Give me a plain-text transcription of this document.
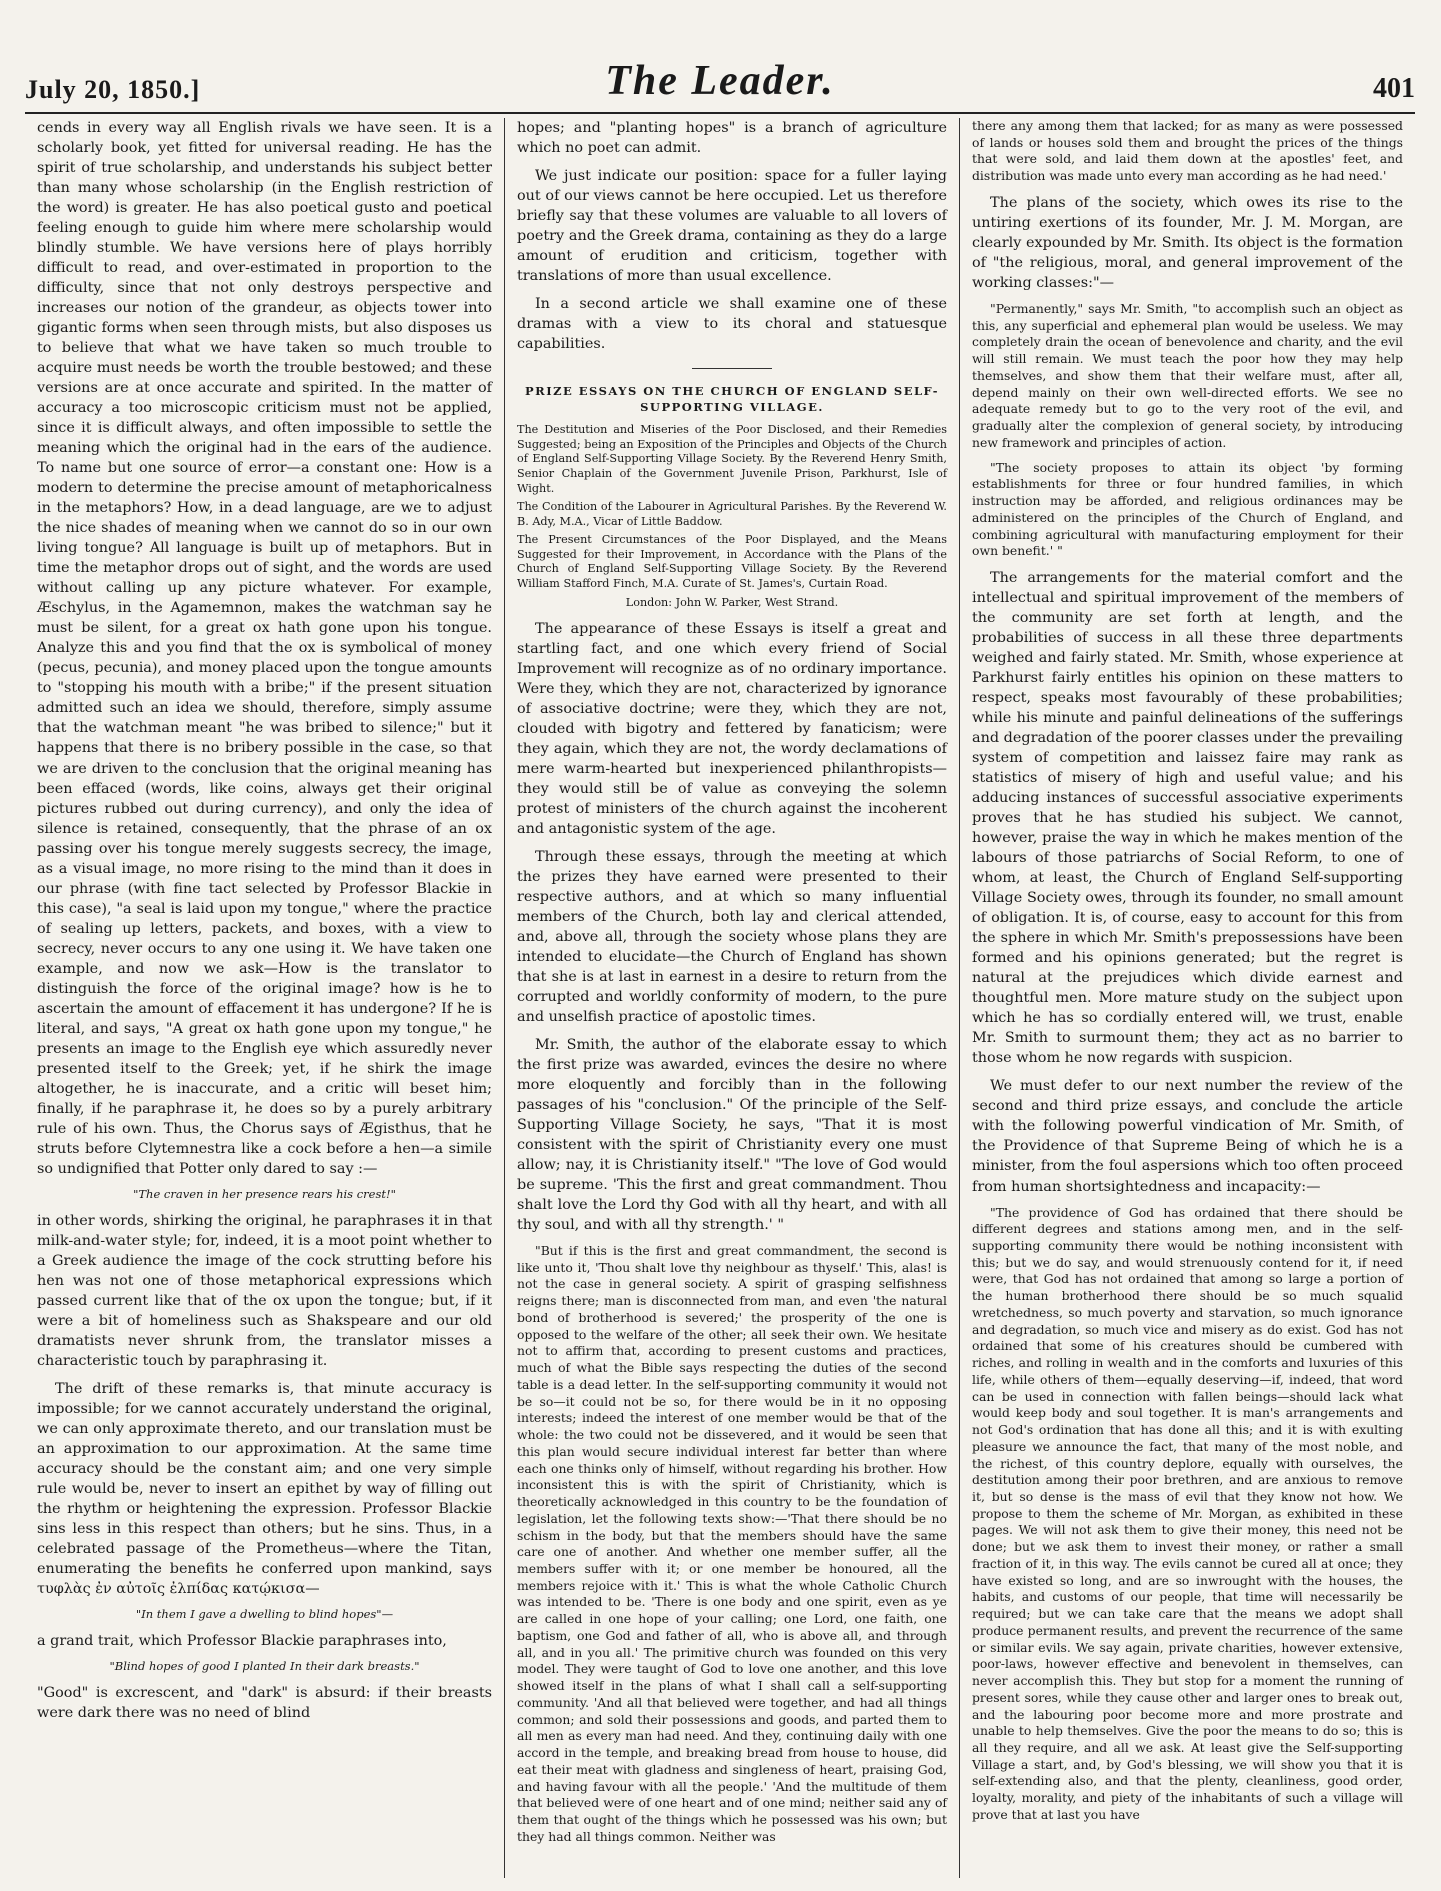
July 20, 1850.]	The Leader.	401

cends in every way all English rivals we have seen. It is a scholarly book, yet fitted for universal reading. He has the spirit of true scholarship, and understands his subject better than many whose scholarship (in the English restriction of the word) is greater. He has also poetical gusto and poetical feeling enough to guide him where mere scholarship would blindly stumble. We have versions here of plays horribly difficult to read, and over-estimated in proportion to the difficulty, since that not only destroys perspective and increases our notion of the grandeur, as objects tower into gigantic forms when seen through mists, but also disposes us to believe that what we have taken so much trouble to acquire must needs be worth the trouble bestowed; and these versions are at once accurate and spirited. In the matter of accuracy a too microscopic criticism must not be applied, since it is difficult always, and often impossible to settle the meaning which the original had in the ears of the audience. To name but one source of error—a constant one: How is a modern to determine the precise amount of metaphoricalness in the metaphors? How, in a dead language, are we to adjust the nice shades of meaning when we cannot do so in our own living tongue? All language is built up of metaphors. But in time the metaphor drops out of sight, and the words are used without calling up any picture whatever. For example, Æschylus, in the Agamemnon, makes the watchman say he must be silent, for a great ox hath gone upon his tongue. Analyze this and you find that the ox is symbolical of money (pecus, pecunia), and money placed upon the tongue amounts to "stopping his mouth with a bribe;" if the present situation admitted such an idea we should, therefore, simply assume that the watchman meant "he was bribed to silence;" but it happens that there is no bribery possible in the case, so that we are driven to the conclusion that the original meaning has been effaced (words, like coins, always get their original pictures rubbed out during currency), and only the idea of silence is retained, consequently, that the phrase of an ox passing over his tongue merely suggests secrecy, the image, as a visual image, no more rising to the mind than it does in our phrase (with fine tact selected by Professor Blackie in this case), "a seal is laid upon my tongue," where the practice of sealing up letters, packets, and boxes, with a view to secrecy, never occurs to any one using it. We have taken one example, and now we ask—How is the translator to distinguish the force of the original image? how is he to ascertain the amount of effacement it has undergone? If he is literal, and says, "A great ox hath gone upon my tongue," he presents an image to the English eye which assuredly never presented itself to the Greek; yet, if he shirk the image altogether, he is inaccurate, and a critic will beset him; finally, if he paraphrase it, he does so by a purely arbitrary rule of his own. Thus, the Chorus says of Ægisthus, that he struts before Clytemnestra like a cock before a hen—a simile so undignified that Potter only dared to say :—

"The craven in her presence rears his crest!"

in other words, shirking the original, he paraphrases it in that milk-and-water style; for, indeed, it is a moot point whether to a Greek audience the image of the cock strutting before his hen was not one of those metaphorical expressions which passed current like that of the ox upon the tongue; but, if it were a bit of homeliness such as Shakspeare and our old dramatists never shrunk from, the translator misses a characteristic touch by paraphrasing it.

The drift of these remarks is, that minute accuracy is impossible; for we cannot accurately understand the original, we can only approximate thereto, and our translation must be an approximation to our approximation. At the same time accuracy should be the constant aim; and one very simple rule would be, never to insert an epithet by way of filling out the rhythm or heightening the expression. Professor Blackie sins less in this respect than others; but he sins. Thus, in a celebrated passage of the Prometheus—where the Titan, enumerating the benefits he conferred upon mankind, says τυφλὰς ἐν αὐτοῖς ἐλπίδας κατῴκισα—

"In them I gave a dwelling to blind hopes"—

a grand trait, which Professor Blackie paraphrases into,

"Blind hopes of good I planted In their dark breasts."

"Good" is excrescent, and "dark" is absurd: if their breasts were dark there was no need of blind

hopes; and "planting hopes" is a branch of agriculture which no poet can admit.

We just indicate our position: space for a fuller laying out of our views cannot be here occupied. Let us therefore briefly say that these volumes are valuable to all lovers of poetry and the Greek drama, containing as they do a large amount of erudition and criticism, together with translations of more than usual excellence.

In a second article we shall examine one of these dramas with a view to its choral and statuesque capabilities.

PRIZE ESSAYS ON THE CHURCH OF ENGLAND SELF-SUPPORTING VILLAGE.

The Destitution and Miseries of the Poor Disclosed, and their Remedies Suggested; being an Exposition of the Principles and Objects of the Church of England Self-Supporting Village Society. By the Reverend Henry Smith, Senior Chaplain of the Government Juvenile Prison, Parkhurst, Isle of Wight.

The Condition of the Labourer in Agricultural Parishes. By the Reverend W. B. Ady, M.A., Vicar of Little Baddow.

The Present Circumstances of the Poor Displayed, and the Means Suggested for their Improvement, in Accordance with the Plans of the Church of England Self-Supporting Village Society. By the Reverend William Stafford Finch, M.A. Curate of St. James's, Curtain Road.

London: John W. Parker, West Strand.

The appearance of these Essays is itself a great and startling fact, and one which every friend of Social Improvement will recognize as of no ordinary importance. Were they, which they are not, characterized by ignorance of associative doctrine; were they, which they are not, clouded with bigotry and fettered by fanaticism; were they again, which they are not, the wordy declamations of mere warm-hearted but inexperienced philanthropists—they would still be of value as conveying the solemn protest of ministers of the church against the incoherent and antagonistic system of the age.

Through these essays, through the meeting at which the prizes they have earned were presented to their respective authors, and at which so many influential members of the Church, both lay and clerical attended, and, above all, through the society whose plans they are intended to elucidate—the Church of England has shown that she is at last in earnest in a desire to return from the corrupted and worldly conformity of modern, to the pure and unselfish practice of apostolic times.

Mr. Smith, the author of the elaborate essay to which the first prize was awarded, evinces the desire no where more eloquently and forcibly than in the following passages of his "conclusion." Of the principle of the Self-Supporting Village Society, he says, "That it is most consistent with the spirit of Christianity every one must allow; nay, it is Christianity itself." "The love of God would be supreme. 'This the first and great commandment. Thou shalt love the Lord thy God with all thy heart, and with all thy soul, and with all thy strength.' "

"But if this is the first and great commandment, the second is like unto it, 'Thou shalt love thy neighbour as thyself.' This, alas! is not the case in general society. A spirit of grasping selfishness reigns there; man is disconnected from man, and even 'the natural bond of brotherhood is severed;' the prosperity of the one is opposed to the welfare of the other; all seek their own. We hesitate not to affirm that, according to present customs and practices, much of what the Bible says respecting the duties of the second table is a dead letter. In the self-supporting community it would not be so—it could not be so, for there would be in it no opposing interests; indeed the interest of one member would be that of the whole: the two could not be dissevered, and it would be seen that this plan would secure individual interest far better than where each one thinks only of himself, without regarding his brother. How inconsistent this is with the spirit of Christianity, which is theoretically acknowledged in this country to be the foundation of legislation, let the following texts show:—'That there should be no schism in the body, but that the members should have the same care one of another. And whether one member suffer, all the members suffer with it; or one member be honoured, all the members rejoice with it.' This is what the whole Catholic Church was intended to be. 'There is one body and one spirit, even as ye are called in one hope of your calling; one Lord, one faith, one baptism, one God and father of all, who is above all, and through all, and in you all.' The primitive church was founded on this very model. They were taught of God to love one another, and this love showed itself in the plans of what I shall call a self-supporting community. 'And all that believed were together, and had all things common; and sold their possessions and goods, and parted them to all men as every man had need. And they, continuing daily with one accord in the temple, and breaking bread from house to house, did eat their meat with gladness and singleness of heart, praising God, and having favour with all the people.' 'And the multitude of them that believed were of one heart and of one mind; neither said any of them that ought of the things which he possessed was his own; but they had all things common. Neither was

there any among them that lacked; for as many as were possessed of lands or houses sold them and brought the prices of the things that were sold, and laid them down at the apostles' feet, and distribution was made unto every man according as he had need.'

The plans of the society, which owes its rise to the untiring exertions of its founder, Mr. J. M. Morgan, are clearly expounded by Mr. Smith. Its object is the formation of "the religious, moral, and general improvement of the working classes:"—

"Permanently," says Mr. Smith, "to accomplish such an object as this, any superficial and ephemeral plan would be useless. We may completely drain the ocean of benevolence and charity, and the evil will still remain. We must teach the poor how they may help themselves, and show them that their welfare must, after all, depend mainly on their own well-directed efforts. We see no adequate remedy but to go to the very root of the evil, and gradually alter the complexion of general society, by introducing new framework and principles of action.

"The society proposes to attain its object 'by forming establishments for three or four hundred families, in which instruction may be afforded, and religious ordinances may be administered on the principles of the Church of England, and combining agricultural with manufacturing employment for their own benefit.' "

The arrangements for the material comfort and the intellectual and spiritual improvement of the members of the community are set forth at length, and the probabilities of success in all these three departments weighed and fairly stated. Mr. Smith, whose experience at Parkhurst fairly entitles his opinion on these matters to respect, speaks most favourably of these probabilities; while his minute and painful delineations of the sufferings and degradation of the poorer classes under the prevailing system of competition and laissez faire may rank as statistics of misery of high and useful value; and his adducing instances of successful associative experiments proves that he has studied his subject. We cannot, however, praise the way in which he makes mention of the labours of those patriarchs of Social Reform, to one of whom, at least, the Church of England Self-supporting Village Society owes, through its founder, no small amount of obligation. It is, of course, easy to account for this from the sphere in which Mr. Smith's prepossessions have been formed and his opinions generated; but the regret is natural at the prejudices which divide earnest and thoughtful men. More mature study on the subject upon which he has so cordially entered will, we trust, enable Mr. Smith to surmount them; they act as no barrier to those whom he now regards with suspicion.

We must defer to our next number the review of the second and third prize essays, and conclude the article with the following powerful vindication of Mr. Smith, of the Providence of that Supreme Being of which he is a minister, from the foul aspersions which too often proceed from human shortsightedness and incapacity:—

"The providence of God has ordained that there should be different degrees and stations among men, and in the self-supporting community there would be nothing inconsistent with this; but we do say, and would strenuously contend for it, if need were, that God has not ordained that among so large a portion of the human brotherhood there should be so much squalid wretchedness, so much poverty and starvation, so much ignorance and degradation, so much vice and misery as do exist. God has not ordained that some of his creatures should be cumbered with riches, and rolling in wealth and in the comforts and luxuries of this life, while others of them—equally deserving—if, indeed, that word can be used in connection with fallen beings—should lack what would keep body and soul together. It is man's arrangements and not God's ordination that has done all this; and it is with exulting pleasure we announce the fact, that many of the most noble, and the richest, of this country deplore, equally with ourselves, the destitution among their poor brethren, and are anxious to remove it, but so dense is the mass of evil that they know not how. We propose to them the scheme of Mr. Morgan, as exhibited in these pages. We will not ask them to give their money, this need not be done; but we ask them to invest their money, or rather a small fraction of it, in this way. The evils cannot be cured all at once; they have existed so long, and are so inwrought with the houses, the habits, and customs of our people, that time will necessarily be required; but we can take care that the means we adopt shall produce permanent results, and prevent the recurrence of the same or similar evils. We say again, private charities, however extensive, poor-laws, however effective and benevolent in themselves, can never accomplish this. They but stop for a moment the running of present sores, while they cause other and larger ones to break out, and the labouring poor become more and more prostrate and unable to help themselves. Give the poor the means to do so; this is all they require, and all we ask. At least give the Self-supporting Village a start, and, by God's blessing, we will show you that it is self-extending also, and that the plenty, cleanliness, good order, loyalty, morality, and piety of the inhabitants of such a village will prove that at last you have
